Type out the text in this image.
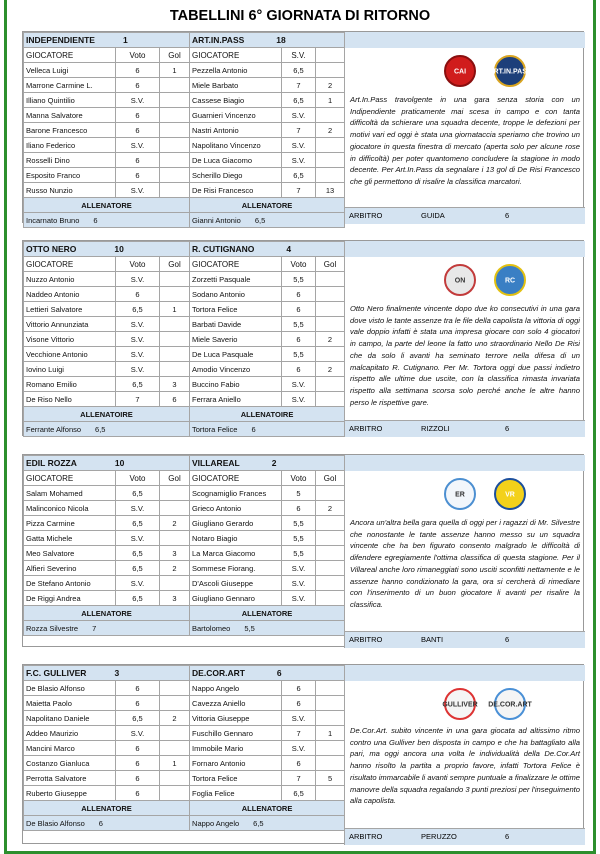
TABELLINI 6° GIORNATA DI RITORNO
INDEPENDIENTE 1			ART.IN.PASS 18		
GIOCATORE	Voto	Gol	GIOCATORE	S.V.	
Velleca Luigi	6	1	Pezzella Antonio	6,5	
Marrone Carmine L.	6		Miele Barbato	7	2
Illiano Quintilio	S.V.		Cassese Biagio	6,5	1
Manna Salvatore	6		Guarnieri Vincenzo	S.V.	
Barone Francesco	6		Nastri Antonio	7	2
Iliano Federico	S.V.		Napolitano Vincenzo	S.V.	
Rosselli Dino	6		De Luca Giacomo	S.V.	
Esposito Franco	6		Scherillo Diego	6,5	
Russo Nunzio	S.V.		De Risi Francesco	7	13
ALLENATORE			ALLENATORE		
Incarnato Bruno 6			Gianni Antonio 6,5		
CAI	ART.IN.PASS
Art.In.Pass travolgente in una gara senza storia con un Indipendiente praticamente mai scesa in campo e con tanta difficoltà da schierare una squadra decente, troppe le defezioni per motivi vari ed oggi è stata una giornataccia speriamo che trovino un giocatore in questa finestra di mercato (aperta solo per alcune rose in difficoltà) per poter quantomeno concludere la stagione in modo decente. Per Art.In.Pass da segnalare i 13 gol di De Risi Francesco che gli permettono di risalire la classifica marcatori.
ARBITRO	GUIDA	6
OTTO NERO 10			R. CUTIGNANO 4		
GIOCATORE	Voto	Gol	GIOCATORE	Voto	Gol
Nuzzo Antonio	S.V.		Zorzetti Pasquale	5,5	
Naddeo Antonio	6		Sodano Antonio	6	
Lettieri Salvatore	6,5	1	Tortora Felice	6	
Vittorio Annunziata	S.V.		Barbati Davide	5,5	
Visone Vittorio	S.V.		Miele Saverio	6	2
Vecchione Antonio	S.V.		De Luca Pasquale	5,5	
Iovino Luigi	S.V.		Amodio Vincenzo	6	2
Romano Emilio	6,5	3	Buccino Fabio	S.V.	
De Riso Nello	7	6	Ferrara Aniello	S.V.	
ALLENATOIRE			ALLENATOIRE		
Ferrante Alfonso 6,5			Tortora Felice 6		
ON	RC
Otto Nero finalmente vincente dopo due ko consecutivi in una gara dove visto le tante assenze tra le file della capolista la vittoria di oggi vale doppio infatti è stata una impresa giocare con solo 4 giocatori in campo, la parte del leone la fatto uno straordinario Nello De Risi che da solo li avanti ha seminato terrore nella difesa di un malcapitato R. Cutignano. Per Mr. Tortora oggi due passi indietro rispetto alle ultime due uscite, con la classifica rimasta invariata rispetto alla settimana scorsa solo perché anche le altre hanno perso le rispettive gare.
ARBITRO	RIZZOLI	6
EDIL ROZZA 10			VILLAREAL 2		
GIOCATORE	Voto	Gol	GIOCATORE	Voto	Gol
Salam Mohamed	6,5		Scognamiglio Frances	5	
Malinconico Nicola	S.V.		Grieco Antonio	6	2
Pizza Carmine	6,5	2	Giugliano Gerardo	5,5	
Gatta Michele	S.V.		Notaro Biagio	5,5	
Meo Salvatore	6,5	3	La Marca Giacomo	5,5	
Alfieri Severino	6,5	2	Sommese Fiorang.	S.V.	
De Stefano Antonio	S.V.		D'Ascoli Giuseppe	S.V.	
De Riggi Andrea	6,5	3	Giugliano Gennaro	S.V.	
ALLENATORE			ALLENATORE		
Rozza Silvestre 7			Bartolomeo 5,5		
ER	VR
Ancora un'altra bella gara quella di oggi per i ragazzi di Mr. Silvestre che nonostante le tante assenze hanno messo su un squadra vincente che ha ben figurato consento malgrado le difficoltà di difendere egregiamente l'ottima classifica di questa stagione. Per il Villareal anche loro rimaneggiati sono usciti sconfitti nettamente e le assenze hanno condizionato la gara, ora si cercherà di rimediare con l'inserimento di un buon giocatore li avanti per risalire la classifica.
ARBITRO	BANTI	6
F.C. GULLIVER 3			DE.COR.ART 6		
De Blasio Alfonso	6		Nappo Angelo	6	
Maietta Paolo	6		Cavezza Aniello	6	
Napolitano Daniele	6,5	2	Vittoria Giuseppe	S.V.	
Addeo Maurizio	S.V.		Fuschillo Gennaro	7	1
Mancini Marco	6		Immobile Mario	S.V.	
Costanzo Gianluca	6	1	Fornaro Antonio	6	
Perrotta Salvatore	6		Tortora Felice	7	5
Ruberto Giuseppe	6		Foglia Felice	6,5	
ALLENATORE			ALLENATORE		
De Blasio Alfonso 6			Nappo Angelo 6,5		
GULLIVER DE.COR.ART
De.Cor.Art. subito vincente in una gara giocata ad altissimo ritmo contro una Gulliver ben disposta in campo e che ha battagliato alla pari, ma oggi ancora una volta le individualità della De.Cor.Art hanno risolto la partita a proprio favore, infatti Tortora Felice è risultato immarcabile li avanti sempre puntuale a finalizzare le ottime manovre della squadra regalando 3 punti preziosi per l'inseguimento alla capolista.
ARBITRO	PERUZZO	6
